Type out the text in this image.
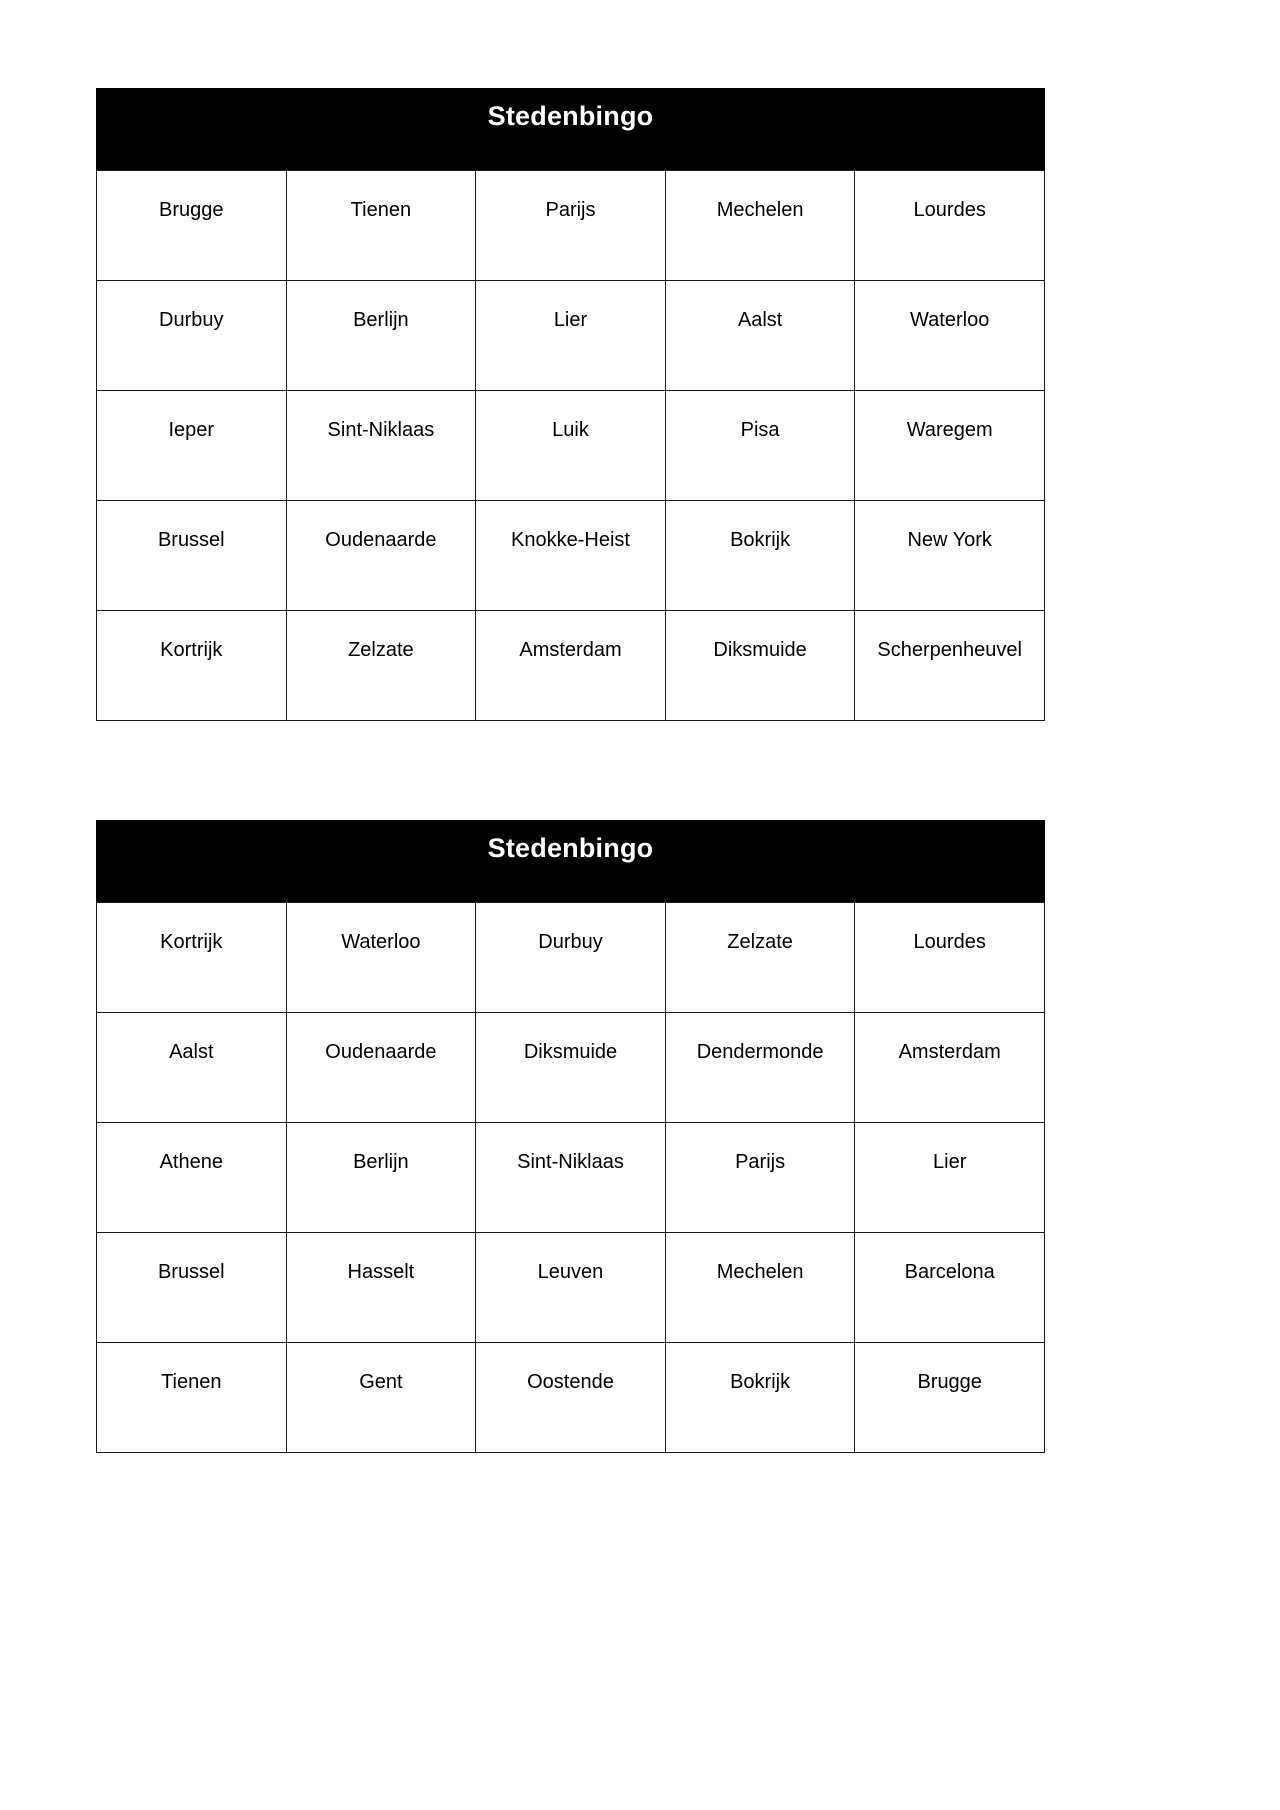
Stedenbingo
Brugge	Tienen	Parijs	Mechelen	Lourdes
Durbuy	Berlijn	Lier	Aalst	Waterloo
Ieper	Sint-Niklaas	Luik	Pisa	Waregem
Brussel	Oudenaarde	Knokke-Heist	Bokrijk	New York
Kortrijk	Zelzate	Amsterdam	Diksmuide	Scherpenheuvel
Stedenbingo
Kortrijk	Waterloo	Durbuy	Zelzate	Lourdes
Aalst	Oudenaarde	Diksmuide	Dendermonde	Amsterdam
Athene	Berlijn	Sint-Niklaas	Parijs	Lier
Brussel	Hasselt	Leuven	Mechelen	Barcelona
Tienen	Gent	Oostende	Bokrijk	Brugge
